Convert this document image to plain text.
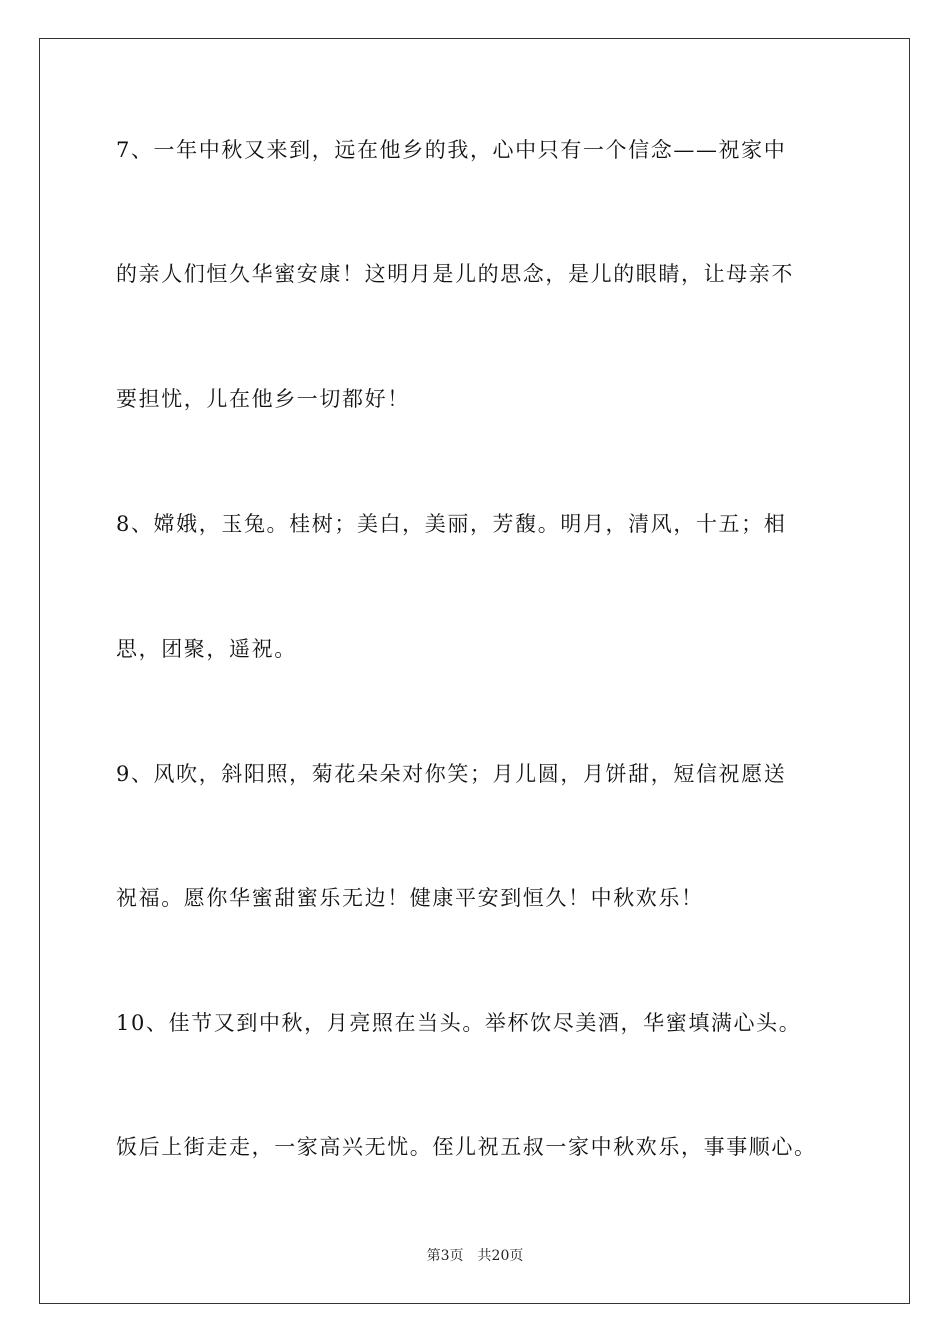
7、一年中秋又来到，远在他乡的我，心中只有一个信念——祝家中
的亲人们恒久华蜜安康！这明月是儿的思念，是儿的眼睛，让母亲不
要担忧，儿在他乡一切都好！
8、嫦娥，玉兔。桂树；美白，美丽，芳馥。明月，清风，十五；相
思，团聚，遥祝。
9、风吹，斜阳照，菊花朵朵对你笑；月儿圆，月饼甜，短信祝愿送
祝福。愿你华蜜甜蜜乐无边！健康平安到恒久！中秋欢乐！
10、佳节又到中秋，月亮照在当头。举杯饮尽美酒，华蜜填满心头。
饭后上街走走，一家高兴无忧。侄儿祝五叔一家中秋欢乐，事事顺心。
第3页 共20页
